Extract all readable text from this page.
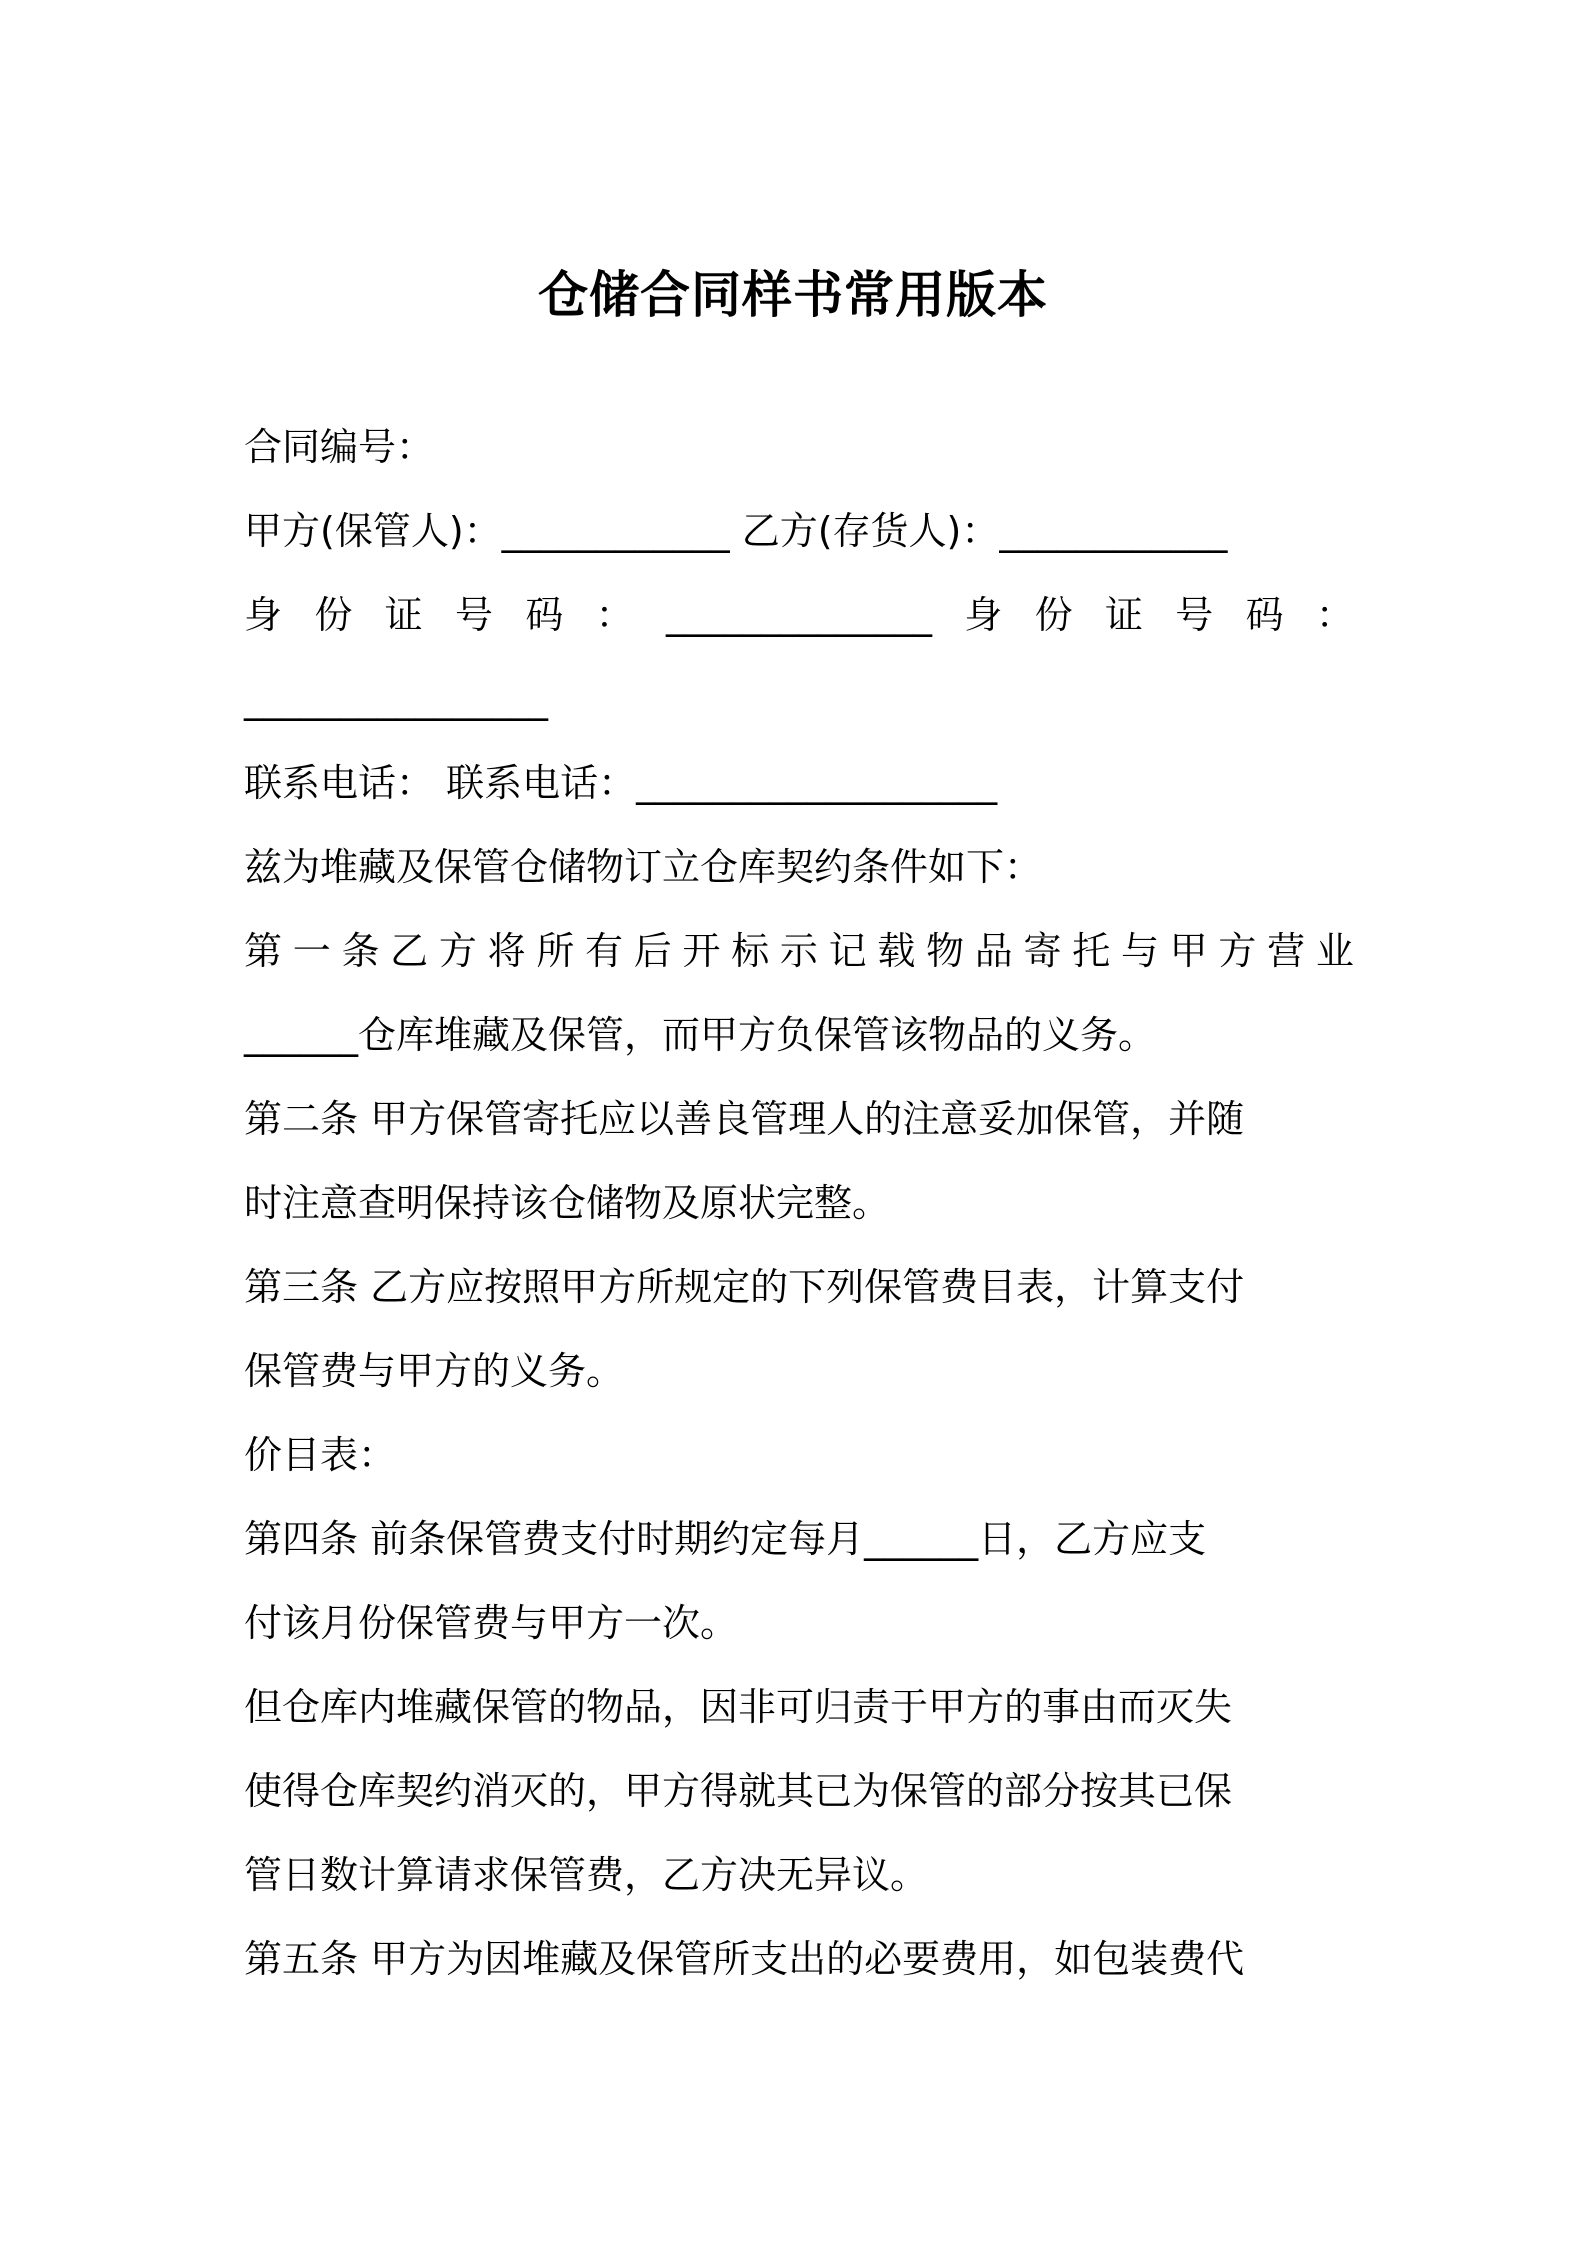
仓储合同样书常用版本
合同编号：
甲方(保管人)：____________ 乙方(存货人)：____________
身 份 证 号 码 ： ______________ 身 份 证 号 码 ：
________________
联系电话： 联系电话：___________________
兹为堆藏及保管仓储物订立仓库契约条件如下：
第 一 条 乙 方 将 所 有 后 开 标 示 记 载 物 品 寄 托 与 甲 方 营 业
______仓库堆藏及保管，而甲方负保管该物品的义务。
第二条 甲方保管寄托应以善良管理人的注意妥加保管，并随
时注意查明保持该仓储物及原状完整。
第三条 乙方应按照甲方所规定的下列保管费目表，计算支付
保管费与甲方的义务。
价目表：
第四条 前条保管费支付时期约定每月______日，乙方应支
付该月份保管费与甲方一次。
但仓库内堆藏保管的物品，因非可归责于甲方的事由而灭失
使得仓库契约消灭的，甲方得就其已为保管的部分按其已保
管日数计算请求保管费，乙方决无异议。
第五条 甲方为因堆藏及保管所支出的必要费用，如包装费代
